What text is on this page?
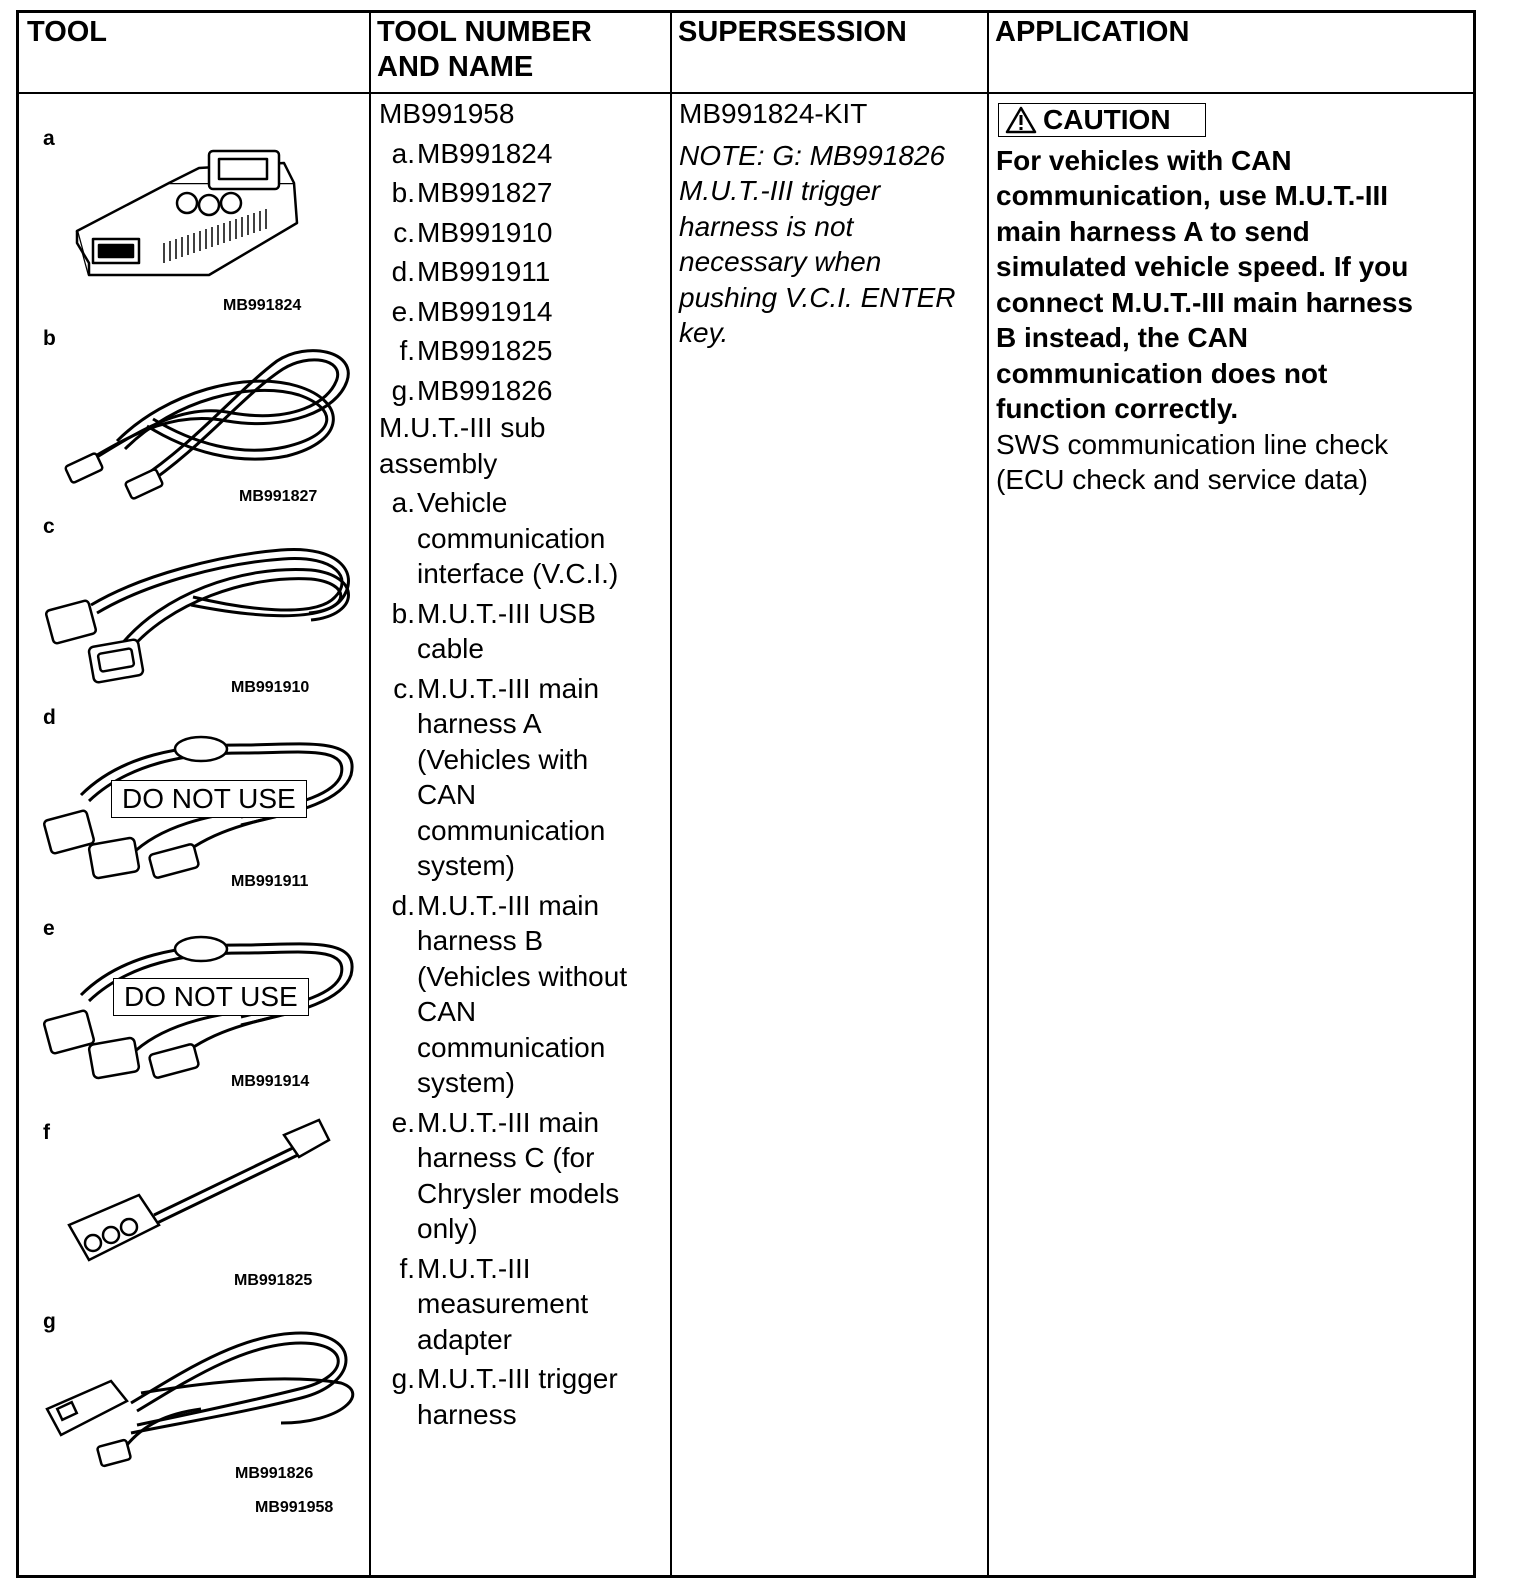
TOOL	TOOL NUMBER
AND NAME
SUPERSESSION	APPLICATION
a
b
c
d
e
f
g
MB991824
MB991827
MB991910
DO NOT USE
MB991911
DO NOT USE
MB991914
MB991825
MB991826
MB991958
MB991958
a. MB991824
b. MB991827
c. MB991910
d. MB991911
e. MB991914
f. MB991825
g. MB991826
M.U.T.-III sub
assembly
a. Vehicle
communication
interface (V.C.I.)
b. M.U.T.-III USB
cable
c. M.U.T.-III main
harness A
(Vehicles with
CAN
communication
system)
d. M.U.T.-III main
harness B
(Vehicles without
CAN
communication
system)
e. M.U.T.-III main
harness C (for
Chrysler models
only)
f. M.U.T.-III
measurement
adapter
g. M.U.T.-III trigger
harness
MB991824-KIT
NOTE: G: MB991826
M.U.T.-III trigger
harness is not
necessary when
pushing V.C.I. ENTER
key.
CAUTION
For vehicles with CAN
communication, use M.U.T.-III
main harness A to send
simulated vehicle speed. If you
connect M.U.T.-III main harness
B instead, the CAN
communication does not
function correctly.
SWS communication line check
(ECU check and service data)
